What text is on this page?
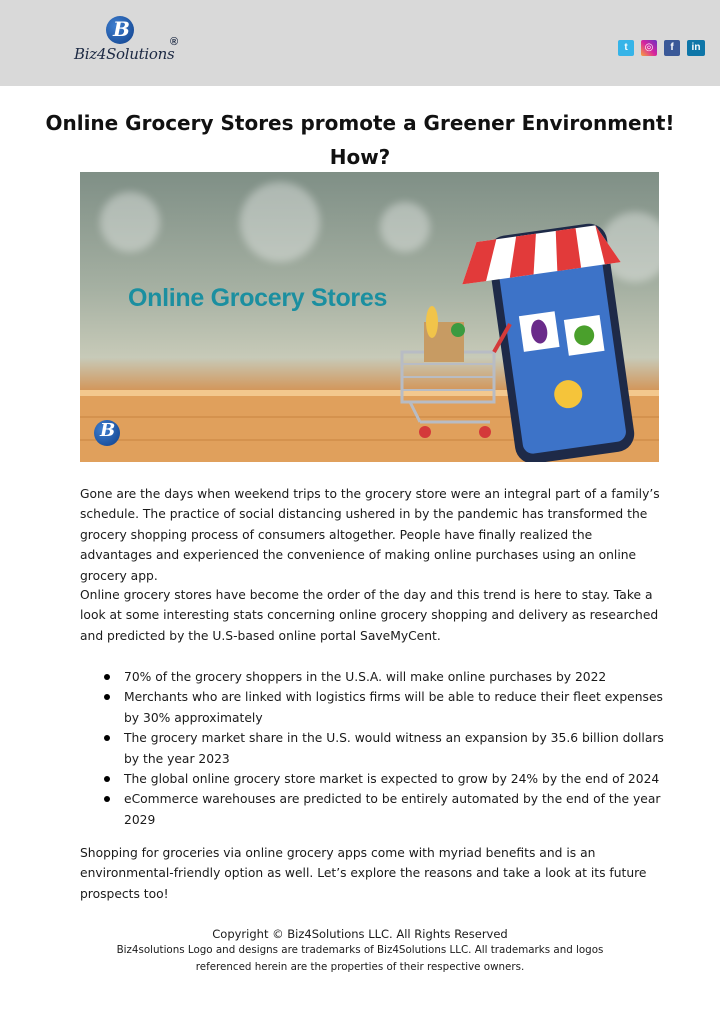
B
Biz4Solutions
®	t	◎	f	in
Online Grocery Stores promote a Greener Environment!
How?
Online Grocery Stores
B

Gone are the days when weekend trips to the grocery store were an integral part of a family’s schedule. The practice of social distancing ushered in by the pandemic has transformed the grocery shopping process of consumers altogether. People have finally realized the advantages and experienced the convenience of making online purchases using an online grocery app.

Online grocery stores have become the order of the day and this trend is here to stay. Take a look at some interesting stats concerning online grocery shopping and delivery as researched and predicted by the U.S-based online portal SaveMyCent.

70% of the grocery shoppers in the U.S.A. will make online purchases by 2022
Merchants who are linked with logistics firms will be able to reduce their fleet expenses by 30% approximately
The grocery market share in the U.S. would witness an expansion by 35.6 billion dollars by the year 2023
The global online grocery store market is expected to grow by 24% by the end of 2024
eCommerce warehouses are predicted to be entirely automated by the end of the year 2029

Shopping for groceries via online grocery apps come with myriad benefits and is an environmental-friendly option as well. Let’s explore the reasons and take a look at its future prospects too!

Copyright © Biz4Solutions LLC. All Rights Reserved
Biz4solutions Logo and designs are trademarks of Biz4Solutions LLC. All trademarks and logos
referenced herein are the properties of their respective owners.
